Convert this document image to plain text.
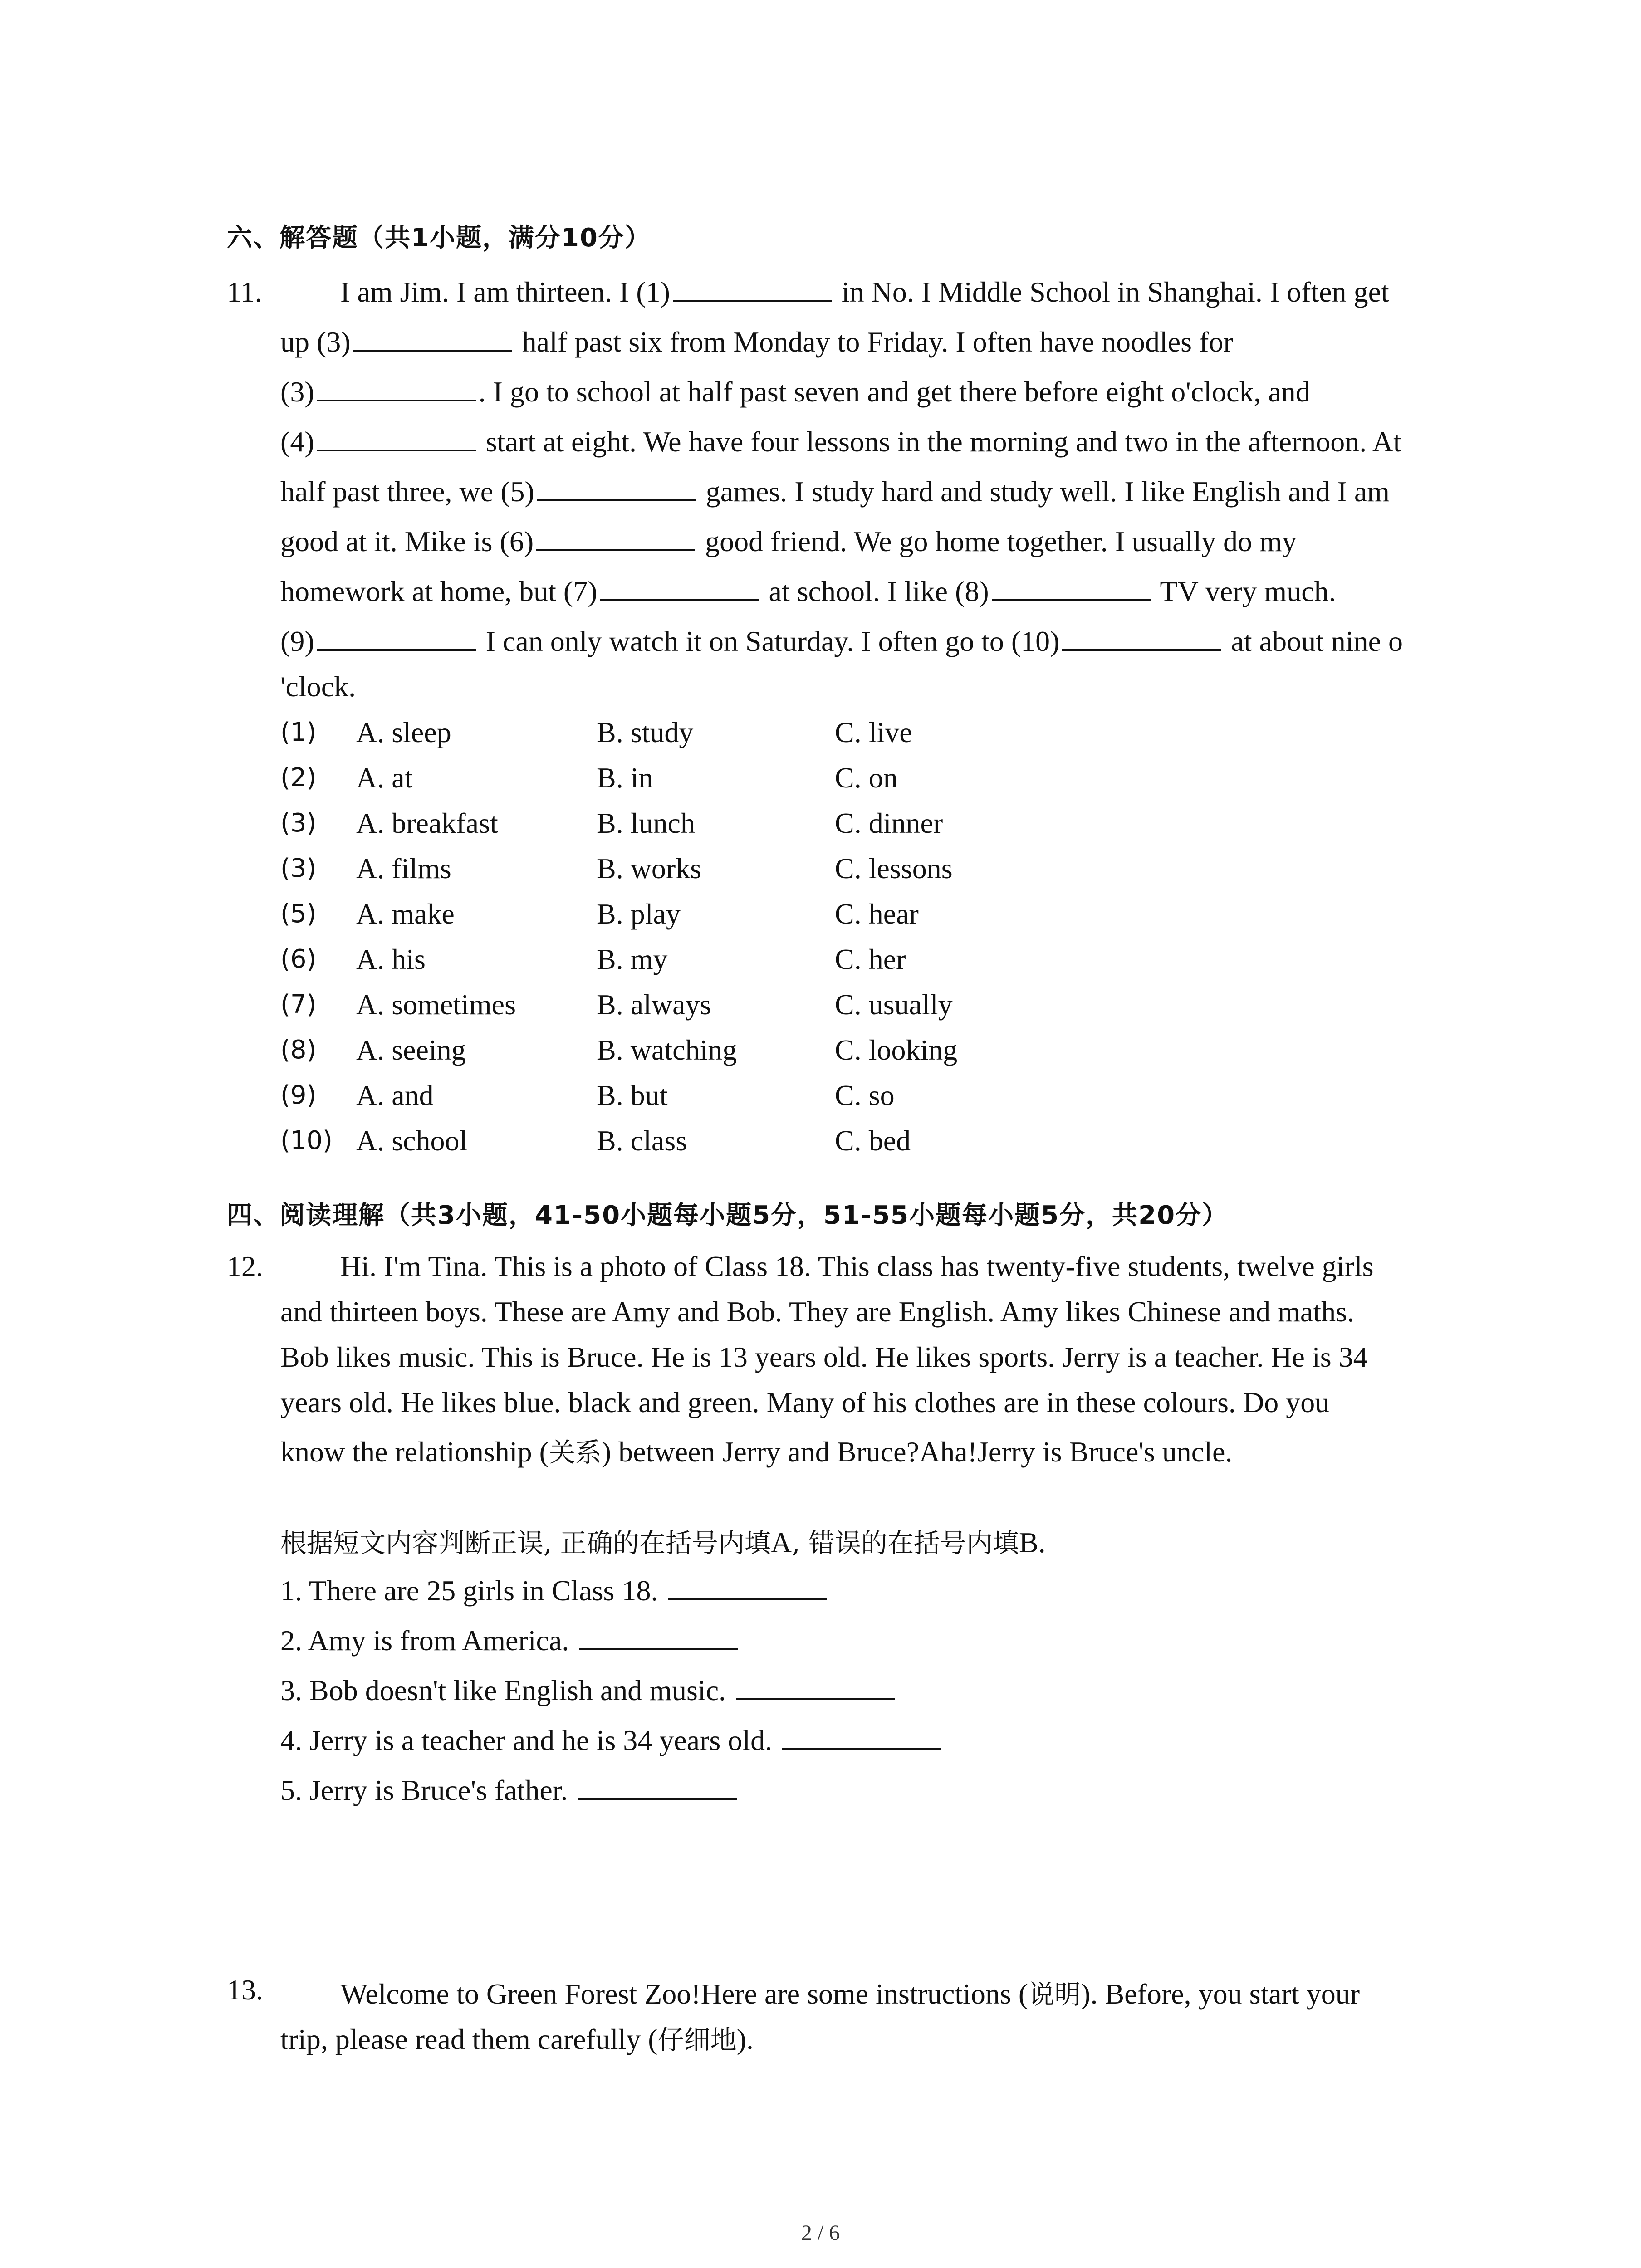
六、解答题（共1小题，满分10分）
11.	I am Jim. I am thirteen. I (1)	in No. I Middle School in Shanghai. I often get
up (3)	half past six from Monday to Friday. I often have noodles for
(3)	. I go to school at half past seven and get there before eight o'clock, and
(4)	start at eight. We have four lessons in the morning and two in the afternoon. At
half past three, we (5)	games. I study hard and study well. I like English and I am
good at it. Mike is (6)	good friend. We go home together. I usually do my
homework at home, but (7)	at school. I like (8)	TV very much.
(9)	I can only watch it on Saturday. I often go to (10)	at about nine o
'clock.
(1) A. sleep	B. study	C. live
(2) A. at	B. in	C. on
(3) A. breakfast	B. lunch	C. dinner
(3) A. films	B. works	C. lessons
(5) A. make	B. play	C. hear
(6) A. his	B. my	C. her
(7) A. sometimes	B. always	C. usually
(8) A. seeing	B. watching	C. looking
(9) A. and	B. but	C. so
(10) A. school	B. class	C. bed
四、阅读理解（共3小题，41-50小题每小题5分，51-55小题每小题5分，共20分）
12.	Hi. I'm Tina. This is a photo of Class 18. This class has twenty-five students, twelve girls
and thirteen boys. These are Amy and Bob. They are English. Amy likes Chinese and maths.
Bob likes music. This is Bruce. He is 13 years old. He likes sports. Jerry is a teacher. He is 34
years old. He likes blue. black and green. Many of his clothes are in these colours. Do you
know the relationship (关系) between Jerry and Bruce?Aha!Jerry is Bruce's uncle.
根据短文内容判断正误, 正确的在括号内填A, 错误的在括号内填B.
1. There are 25 girls in Class 18.
2. Amy is from America.
3. Bob doesn't like English and music.
4. Jerry is a teacher and he is 34 years old.
5. Jerry is Bruce's father.
13.	Welcome to Green Forest Zoo!Here are some instructions (说明). Before, you start your
trip, please read them carefully (仔细地).
2 / 6
